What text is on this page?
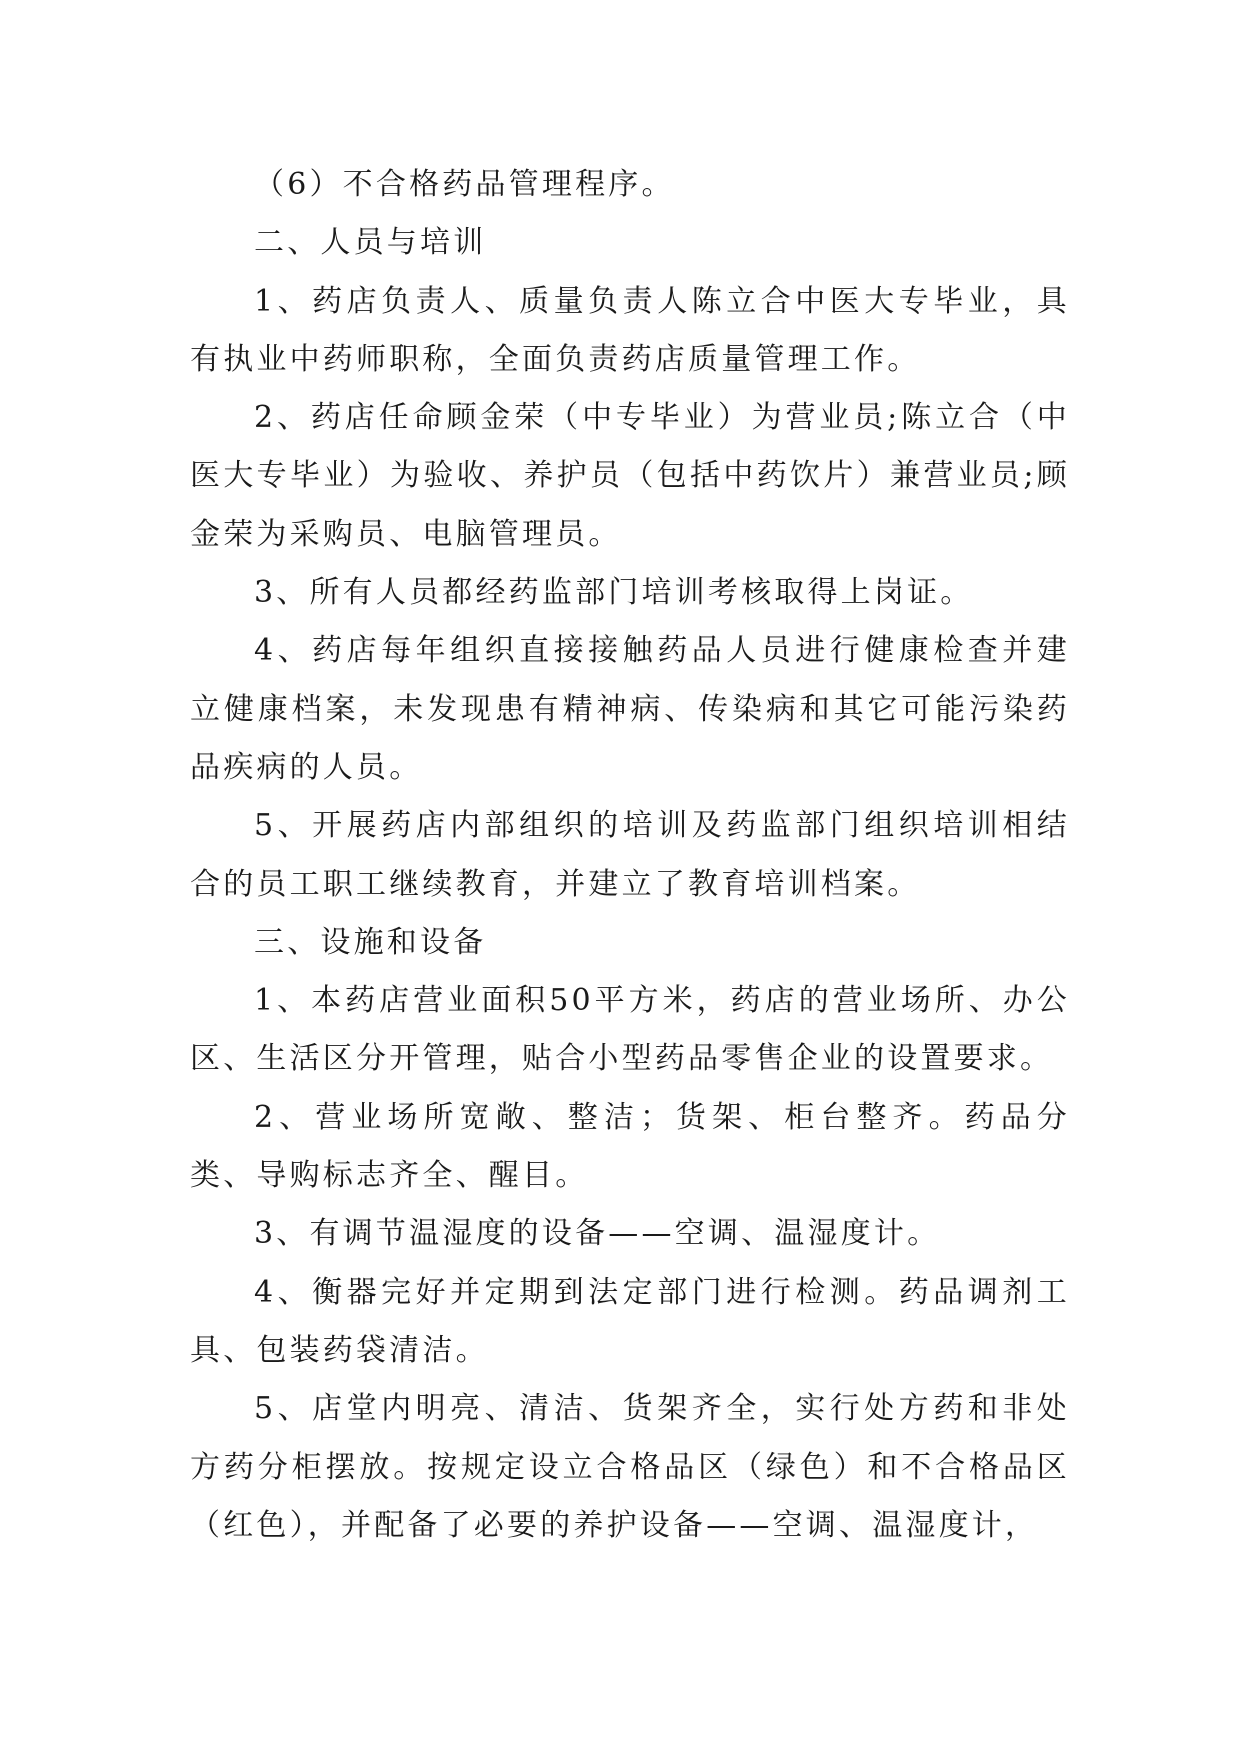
（6）不合格药品管理程序。

二、人员与培训

1、药店负责人、质量负责人陈立合中医大专毕业，具有执业中药师职称，全面负责药店质量管理工作。

2、药店任命顾金荣（中专毕业）为营业员;陈立合（中医大专毕业）为验收、养护员（包括中药饮片）兼营业员;顾金荣为采购员、电脑管理员。

3、所有人员都经药监部门培训考核取得上岗证。

4、药店每年组织直接接触药品人员进行健康检查并建立健康档案，未发现患有精神病、传染病和其它可能污染药品疾病的人员。

5、开展药店内部组织的培训及药监部门组织培训相结合的员工职工继续教育，并建立了教育培训档案。

三、设施和设备

1、本药店营业面积50平方米，药店的营业场所、办公区、生活区分开管理，贴合小型药品零售企业的设置要求。

2、营业场所宽敞、整洁；货架、柜台整齐。药品分类、导购标志齐全、醒目。

3、有调节温湿度的设备——空调、温湿度计。

4、衡器完好并定期到法定部门进行检测。药品调剂工具、包装药袋清洁。

5、店堂内明亮、清洁、货架齐全，实行处方药和非处方药分柜摆放。按规定设立合格品区（绿色）和不合格品区（红色），并配备了必要的养护设备——空调、温湿度计，
